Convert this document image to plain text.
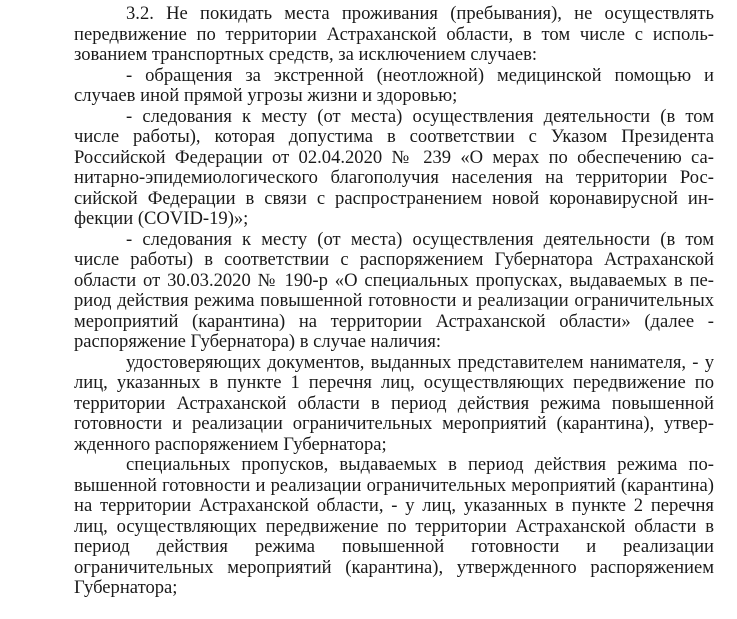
3.2. Не покидать места проживания (пребывания), не осуществлять передвижение по территории Астраханской области, в том числе с использованием транспортных средств, за исключением случаев:

- обращения за экстренной (неотложной) медицинской помощью и случаев иной прямой угрозы жизни и здоровью;

- следования к месту (от места) осуществления деятельности (в том числе работы), которая допустима в соответствии с Указом Президента Российской Федерации от 02.04.2020 № 239 «О мерах по обеспечению санитарно-эпидемиологического благополучия населения на территории Российской Федерации в связи с распространением новой коронавирусной инфекции (COVID-19)»;

- следования к месту (от места) осуществления деятельности (в том числе работы) в соответствии с распоряжением Губернатора Астраханской области от 30.03.2020 № 190-р «О специальных пропусках, выдаваемых в период действия режима повышенной готовности и реализации ограничительных мероприятий (карантина) на территории Астраханской области» (далее - распоряжение Губернатора) в случае наличия:

удостоверяющих документов, выданных представителем нанимателя, - у лиц, указанных в пункте 1 перечня лиц, осуществляющих передвижение по территории Астраханской области в период действия режима повышенной готовности и реализации ограничительных мероприятий (карантина), утвержденного распоряжением Губернатора;

специальных пропусков, выдаваемых в период действия режима повышенной готовности и реализации ограничительных мероприятий (карантина) на территории Астраханской области, - у лиц, указанных в пункте 2 перечня лиц, осуществляющих передвижение по территории Астраханской области в период действия режима повышенной готовности и реализации ограничительных мероприятий (карантина), утвержденного распоряжением Губернатора;
